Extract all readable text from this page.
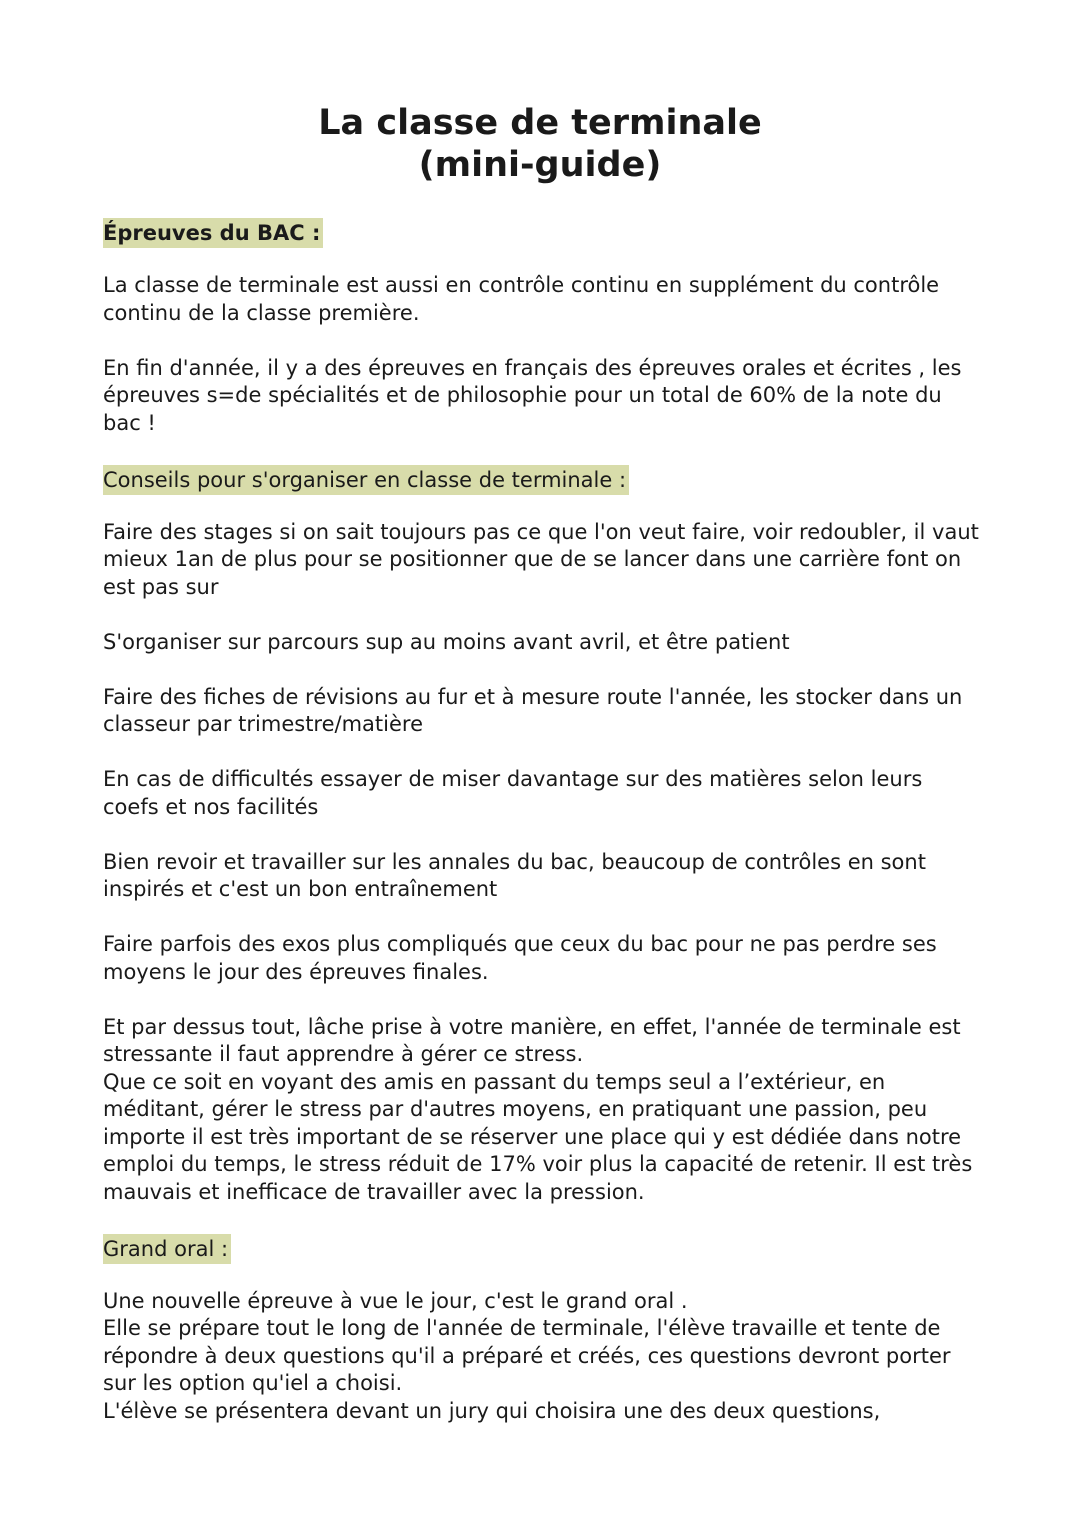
La classe de terminale
(mini-guide)
Épreuves du BAC :

La classe de terminale est aussi en contrôle continu en supplément du contrôle continu de la classe première.

En fin d'année, il y a des épreuves en français des épreuves orales et écrites , les épreuves s=de spécialités et de philosophie pour un total de 60% de la note du bac !

Conseils pour s'organiser en classe de terminale :

Faire des stages si on sait toujours pas ce que l'on veut faire, voir redoubler, il vaut mieux 1an de plus pour se positionner que de se lancer dans une carrière font on est pas sur

S'organiser sur parcours sup au moins avant avril, et être patient

Faire des fiches de révisions au fur et à mesure route l'année, les stocker dans un classeur par trimestre/matière

En cas de difficultés essayer de miser davantage sur des matières selon leurs coefs et nos facilités

Bien revoir et travailler sur les annales du bac, beaucoup de contrôles en sont inspirés et c'est un bon entraînement

Faire parfois des exos plus compliqués que ceux du bac pour ne pas perdre ses moyens le jour des épreuves finales.

Et par dessus tout, lâche prise à votre manière, en effet, l'année de terminale est stressante il faut apprendre à gérer ce stress.

Que ce soit en voyant des amis en passant du temps seul a l’extérieur, en méditant, gérer le stress par d'autres moyens, en pratiquant une passion, peu importe il est très important de se réserver une place qui y est dédiée dans notre emploi du temps, le stress réduit de 17% voir plus la capacité de retenir. Il est très mauvais et inefficace de travailler avec la pression.

Grand oral :

Une nouvelle épreuve à vue le jour, c'est le grand oral .

Elle se prépare tout le long de l'année de terminale, l'élève travaille et tente de répondre à deux questions qu'il a préparé et créés, ces questions devront porter sur les option qu'iel a choisi.

L'élève se présentera devant un jury qui choisira une des deux questions,
